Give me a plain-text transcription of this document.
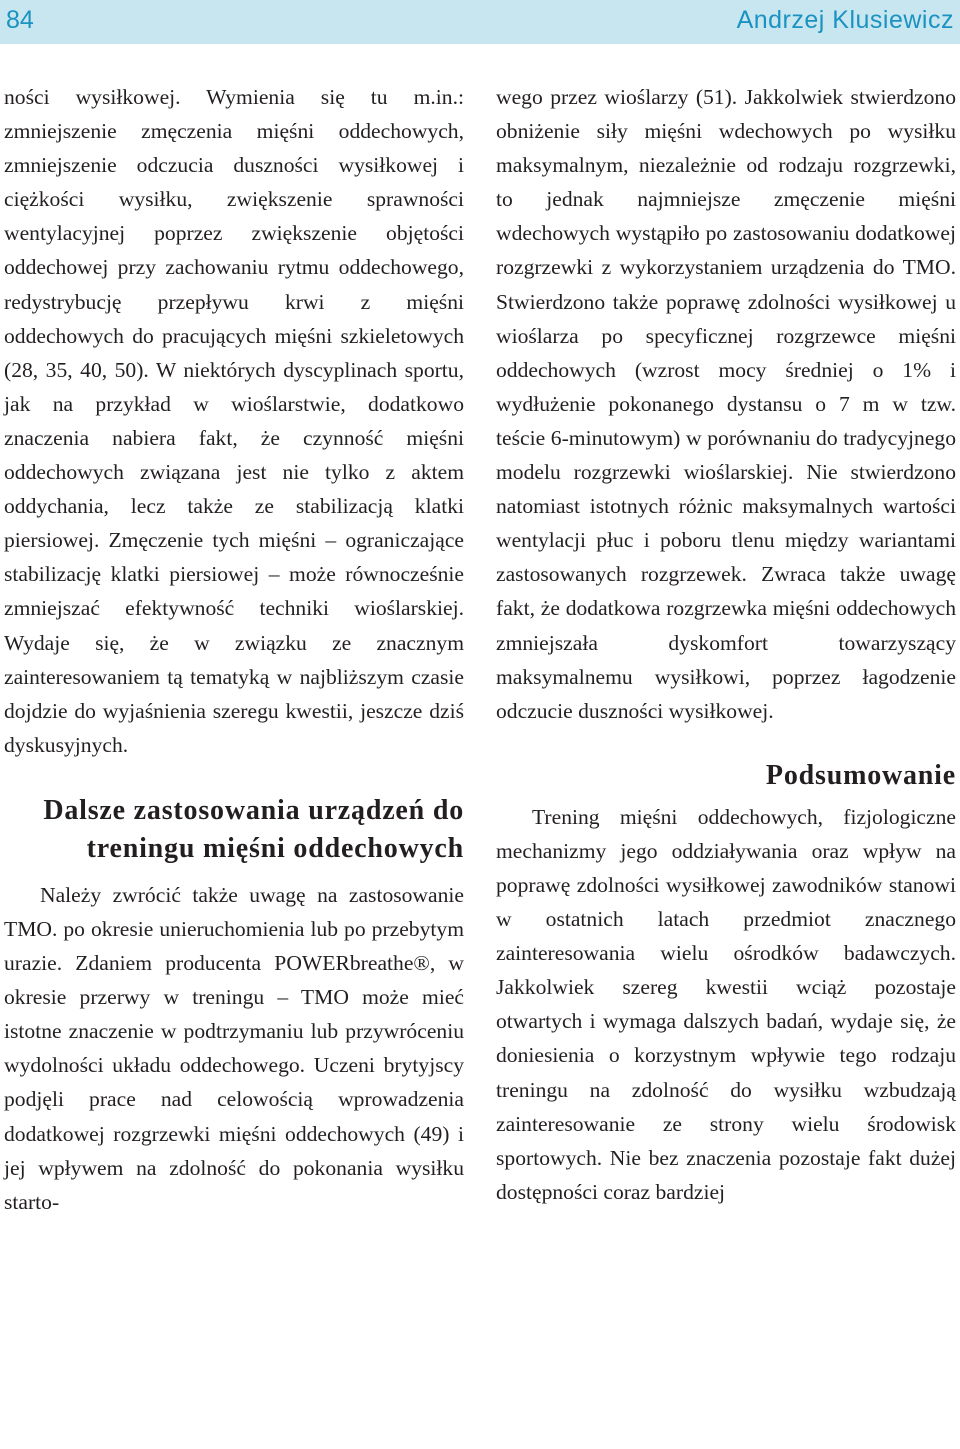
84	Andrzej Klusiewicz

ności wysiłkowej. Wymienia się tu m.in.: zmniejszenie zmęczenia mięśni oddechowych, zmniejszenie odczucia duszności wysiłkowej i ciężkości wysiłku, zwiększenie sprawności wentylacyjnej poprzez zwiększenie objętości oddechowej przy zachowaniu rytmu oddechowego, redystrybucję przepływu krwi z mięśni oddechowych do pracujących mięśni szkieletowych (28, 35, 40, 50). W niektórych dyscyplinach sportu, jak na przykład w wioślarstwie, dodatkowo znaczenia nabiera fakt, że czynność mięśni oddechowych związana jest nie tylko z aktem oddychania, lecz także ze stabilizacją klatki piersiowej. Zmęczenie tych mięśni – ograniczające stabilizację klatki piersiowej – może równocześnie zmniejszać efektywność techniki wioślarskiej. Wydaje się, że w związku ze znacznym zainteresowaniem tą tematyką w najbliższym czasie dojdzie do wyjaśnienia szeregu kwestii, jeszcze dziś dyskusyjnych.

Dalsze zastosowania urządzeń do treningu mięśni oddechowych

Należy zwrócić także uwagę na zastosowanie TMO. po okresie unieruchomienia lub po przebytym urazie. Zdaniem producenta POWERbreathe®, w okresie przerwy w treningu – TMO może mieć istotne znaczenie w podtrzymaniu lub przywróceniu wydolności układu oddechowego. Uczeni brytyjscy podjęli prace nad celowością wprowadzenia dodatkowej rozgrzewki mięśni oddechowych (49) i jej wpływem na zdolność do pokonania wysiłku starto-

wego przez wioślarzy (51). Jakkolwiek stwierdzono obniżenie siły mięśni wdechowych po wysiłku maksymalnym, niezależnie od rodzaju rozgrzewki, to jednak najmniejsze zmęczenie mięśni wdechowych wystąpiło po zastosowaniu dodatkowej rozgrzewki z wykorzystaniem urządzenia do TMO. Stwierdzono także poprawę zdolności wysiłkowej u wioślarza po specyficznej rozgrzewce mięśni oddechowych (wzrost mocy średniej o 1% i wydłużenie pokonanego dystansu o 7 m w tzw. teście 6-minutowym) w porównaniu do tradycyjnego modelu rozgrzewki wioślarskiej. Nie stwierdzono natomiast istotnych różnic maksymalnych wartości wentylacji płuc i poboru tlenu między wariantami zastosowanych rozgrzewek. Zwraca także uwagę fakt, że dodatkowa rozgrzewka mięśni oddechowych zmniejszała dyskomfort towarzyszący maksymalnemu wysiłkowi, poprzez łagodzenie odczucie duszności wysiłkowej.

Podsumowanie

Trening mięśni oddechowych, fizjologiczne mechanizmy jego oddziaływania oraz wpływ na poprawę zdolności wysiłkowej zawodników stanowi w ostatnich latach przedmiot znacznego zainteresowania wielu ośrodków badawczych. Jakkolwiek szereg kwestii wciąż pozostaje otwartych i wymaga dalszych badań, wydaje się, że doniesienia o korzystnym wpływie tego rodzaju treningu na zdolność do wysiłku wzbudzają zainteresowanie ze strony wielu środowisk sportowych. Nie bez znaczenia pozostaje fakt dużej dostępności coraz bardziej
